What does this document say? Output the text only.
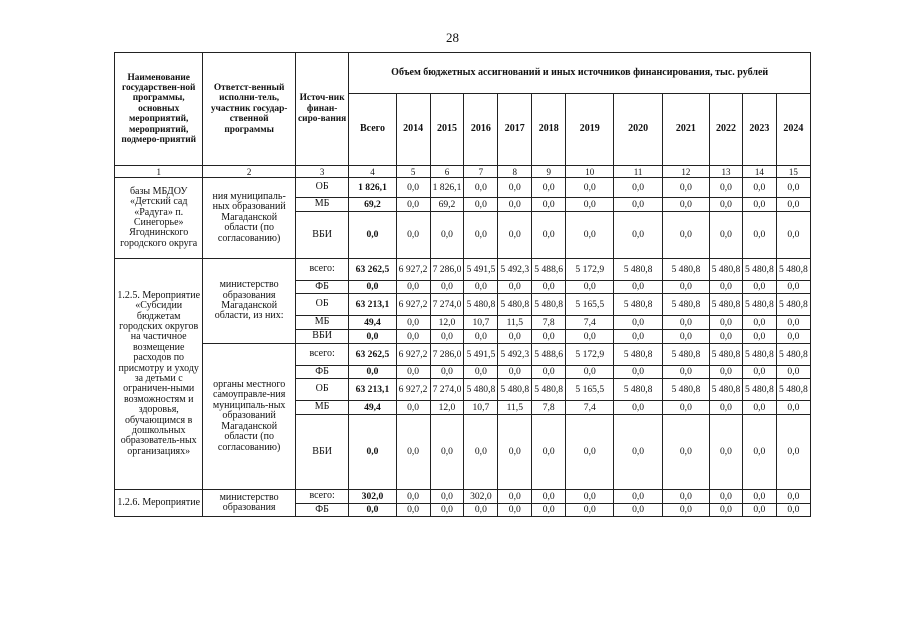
28
Наименование государствен-ной программы, основных мероприятий, мероприятий, подмеро-приятий	Ответст-венный исполни-тель, участник государ-ственной программы	Источ-ник финан-сиро-вания	Объем бюджетных ассигнований и иных источников финансирования, тыс. рублей											
			Всего	2014	2015	2016	2017	2018	2019	2020	2021	2022	2023	2024
1	2	3	4	5	6	7	8	9	10	11	12	13	14	15
базы МБДОУ «Детский сад «Радуга» п. Синегорье» Ягоднинского городского округа	ния муниципаль-ных образований Магаданской области (по согласованию)	ОБ	1 826,1	0,0	1 826,1	0,0	0,0	0,0	0,0	0,0	0,0	0,0	0,0	0,0
		МБ	69,2	0,0	69,2	0,0	0,0	0,0	0,0	0,0	0,0	0,0	0,0	0,0
		ВБИ	0,0	0,0	0,0	0,0	0,0	0,0	0,0	0,0	0,0	0,0	0,0	0,0
1.2.5. Мероприятие «Субсидии бюджетам городских округов на частичное возмещение расходов по присмотру и уходу за детьми с ограничен-ными возможностям и здоровья, обучающимся в дошкольных образователь-ных организациях»	министерство образования Магаданской области, из них:	всего:	63 262,5	6 927,2	7 286,0	5 491,5	5 492,3	5 488,6	5 172,9	5 480,8	5 480,8	5 480,8	5 480,8	5 480,8
		ФБ	0,0	0,0	0,0	0,0	0,0	0,0	0,0	0,0	0,0	0,0	0,0	0,0
		ОБ	63 213,1	6 927,2	7 274,0	5 480,8	5 480,8	5 480,8	5 165,5	5 480,8	5 480,8	5 480,8	5 480,8	5 480,8
		МБ	49,4	0,0	12,0	10,7	11,5	7,8	7,4	0,0	0,0	0,0	0,0	0,0
		ВБИ	0,0	0,0	0,0	0,0	0,0	0,0	0,0	0,0	0,0	0,0	0,0	0,0
	органы местного самоуправле-ния муниципаль-ных образований Магаданской области (по согласованию)	всего:	63 262,5	6 927,2	7 286,0	5 491,5	5 492,3	5 488,6	5 172,9	5 480,8	5 480,8	5 480,8	5 480,8	5 480,8
		ФБ	0,0	0,0	0,0	0,0	0,0	0,0	0,0	0,0	0,0	0,0	0,0	0,0
		ОБ	63 213,1	6 927,2	7 274,0	5 480,8	5 480,8	5 480,8	5 165,5	5 480,8	5 480,8	5 480,8	5 480,8	5 480,8
		МБ	49,4	0,0	12,0	10,7	11,5	7,8	7,4	0,0	0,0	0,0	0,0	0,0
		ВБИ	0,0	0,0	0,0	0,0	0,0	0,0	0,0	0,0	0,0	0,0	0,0	0,0
1.2.6. Мероприятие	министерство образования	всего:	302,0	0,0	0,0	302,0	0,0	0,0	0,0	0,0	0,0	0,0	0,0	0,0
		ФБ	0,0	0,0	0,0	0,0	0,0	0,0	0,0	0,0	0,0	0,0	0,0	0,0
